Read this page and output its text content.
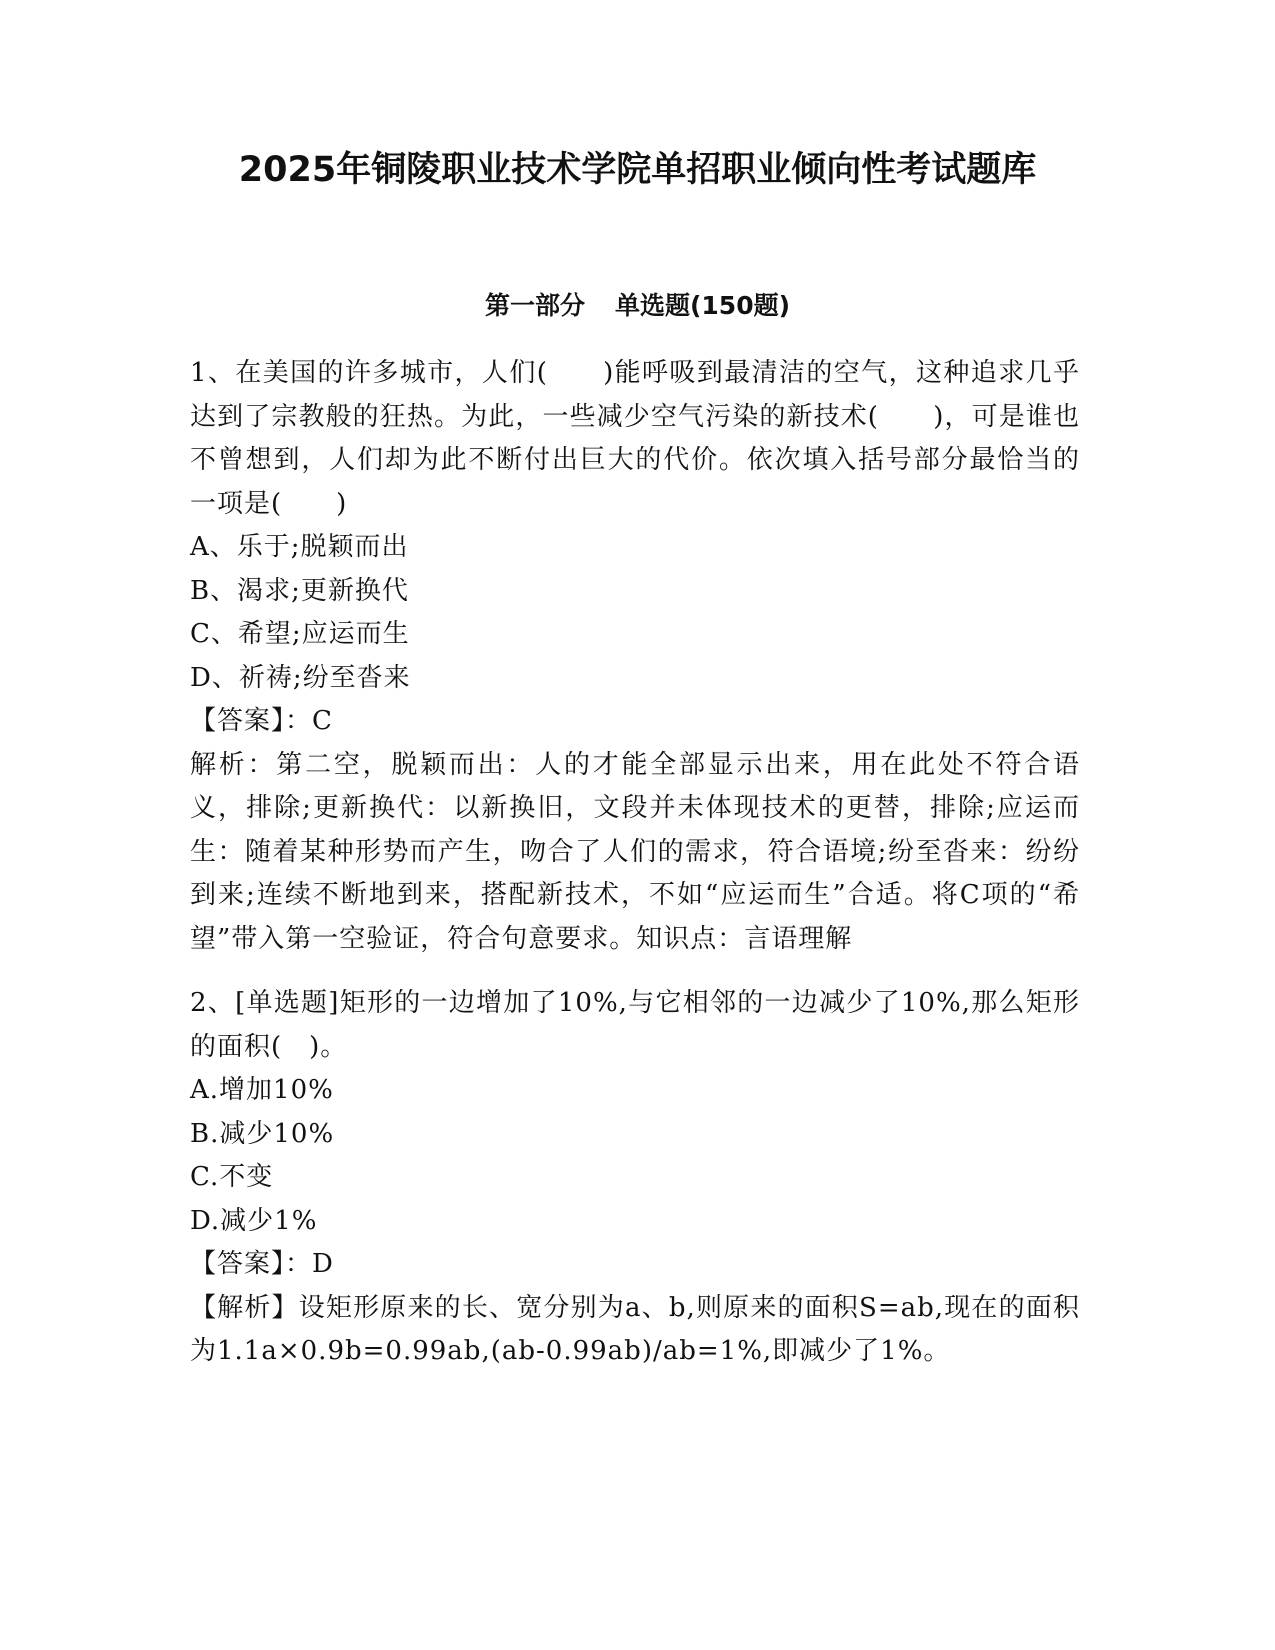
2025年铜陵职业技术学院单招职业倾向性考试题库
第一部分 单选题(150题)

1、在美国的许多城市，人们(　　)能呼吸到最清洁的空气，这种追求几乎达到了宗教般的狂热。为此，一些减少空气污染的新技术(　　)，可是谁也不曾想到，人们却为此不断付出巨大的代价。依次填入括号部分最恰当的一项是(　　)

A、乐于;脱颖而出

B、渴求;更新换代

C、希望;应运而生

D、祈祷;纷至沓来

【答案】：C

解析：第二空，脱颖而出：人的才能全部显示出来，用在此处不符合语义，排除;更新换代：以新换旧，文段并未体现技术的更替，排除;应运而生：随着某种形势而产生，吻合了人们的需求，符合语境;纷至沓来：纷纷到来;连续不断地到来，搭配新技术，不如“应运而生”合适。将C项的“希望”带入第一空验证，符合句意要求。知识点：言语理解

2、[单选题]矩形的一边增加了10%,与它相邻的一边减少了10%,那么矩形的面积(　)。

A.增加10%

B.减少10%

C.不变

D.减少1%

【答案】：D

【解析】设矩形原来的长、宽分别为a、b,则原来的面积S=ab,现在的面积为1.1a×0.9b=0.99ab,(ab-0.99ab)/ab=1%,即减少了1%。
